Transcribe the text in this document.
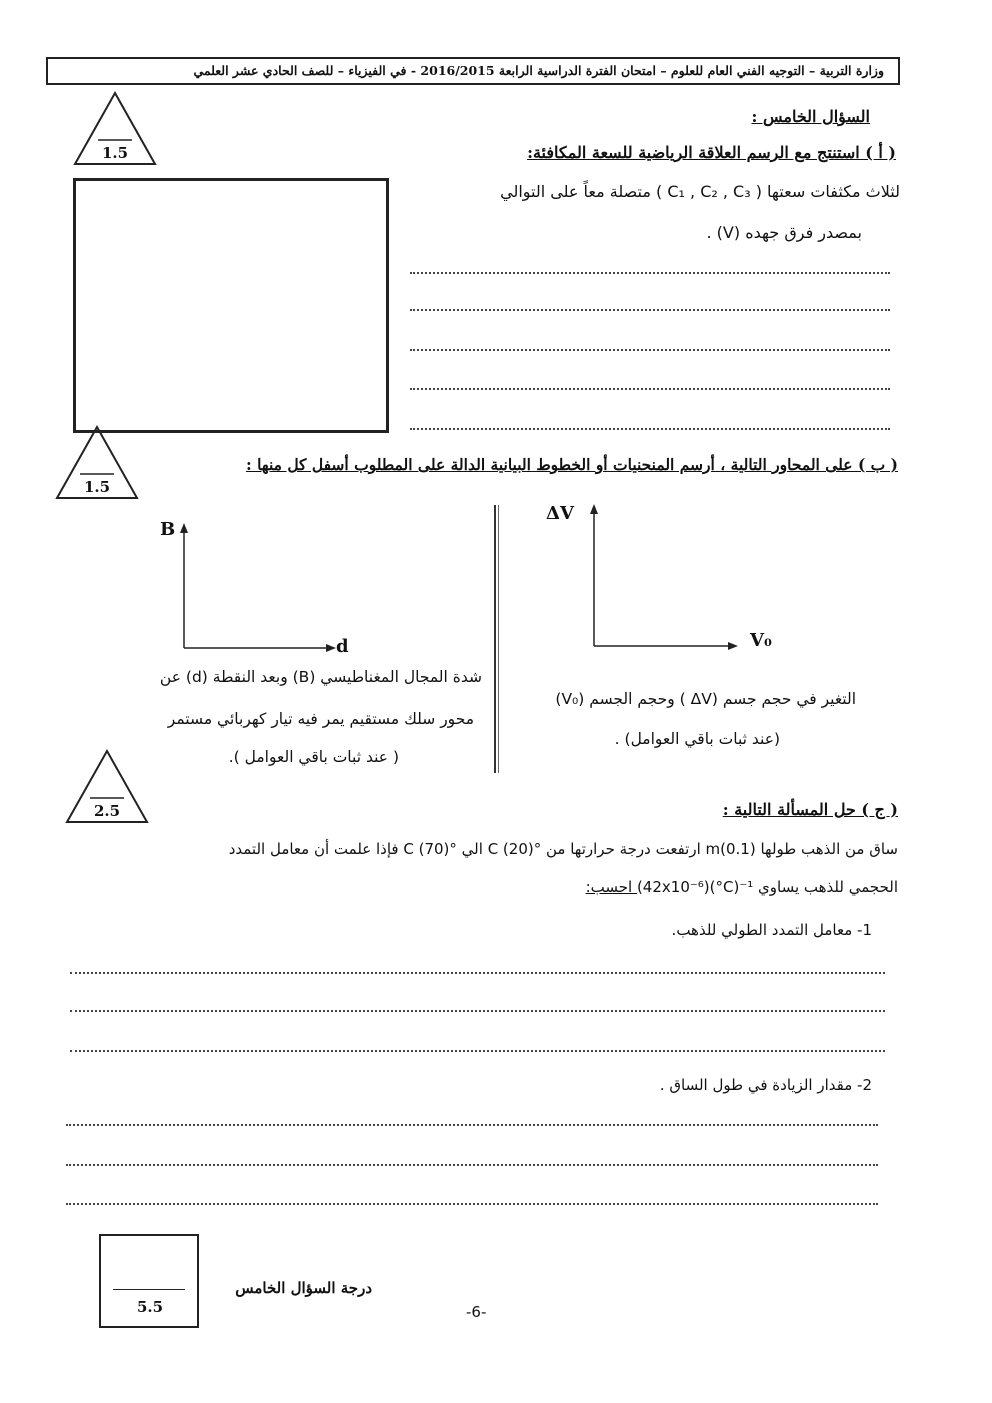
وزارة التربية – التوجيه الفني العام للعلوم – امتحان الفترة الدراسية الرابعة 2016/2015 - في الفيزياء – للصف الحادي عشر العلمي
السؤال الخامس :
1.5	( أ ) استنتج مع الرسم العلاقة الرياضية للسعة المكافئة:
لثلاث مكثفات سعتها ( C₁ , C₂ , C₃ ) متصلة معاً على التوالي
بمصدر فرق جهده (V) .
1.5
( ب ) على المحاور التالية ، أرسم المنحنيات أو الخطوط البيانية الدالة على المطلوب أسفل كل منها :
B
d
شدة المجال المغناطيسي (B) وبعد النقطة (d) عن
محور سلك مستقيم يمر فيه تيار كهربائي مستمر
( عند ثبات باقي العوامل ).
ΔV
V₀
التغير في حجم جسم (ΔV ) وحجم الجسم (V₀)
(عند ثبات باقي العوامل) .
2.5	( ج ) حل المسألة التالية :
ساق من الذهب طولها m(0.1) ارتفعت درجة حرارتها من °C (20) الي °C (70) فإذا علمت أن معامل التمدد
الحجمي للذهب يساوي (42x10⁻⁶)(°C)⁻¹ احسب:
1- معامل التمدد الطولي للذهب.
2- مقدار الزيادة في طول الساق .
5.5
درجة السؤال الخامس
-6-
